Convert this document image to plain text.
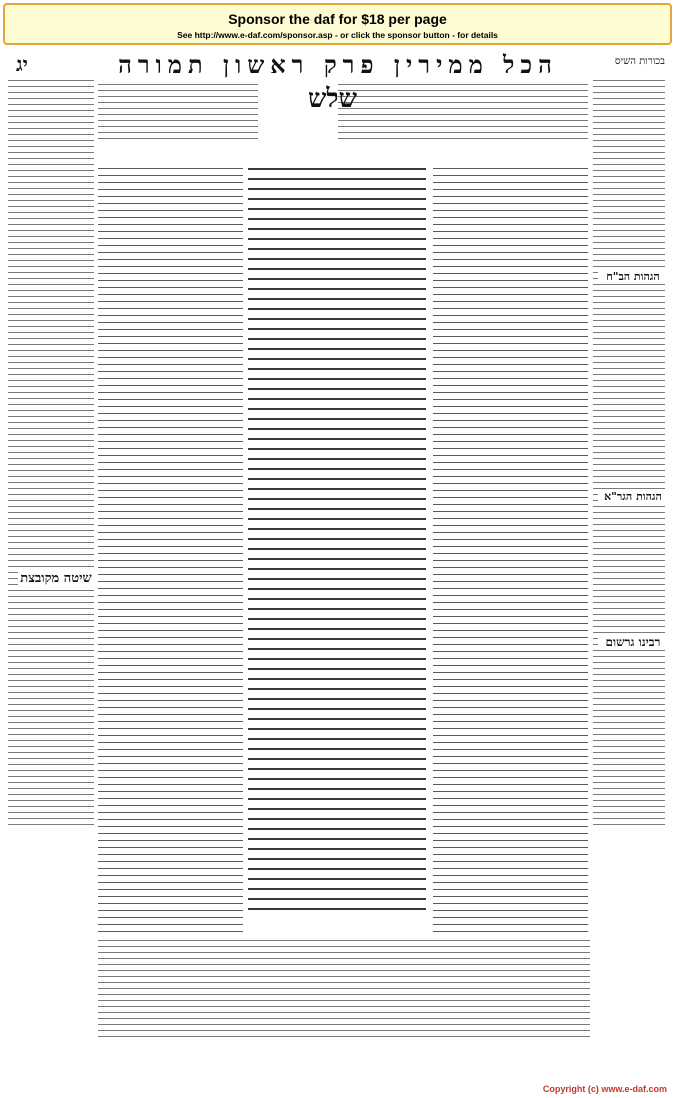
Sponsor the daf for $18 per page
See http://www.e-daf.com/sponsor.asp - or click the sponsor button - for details
הכל ממירין פרק ראשון תמורה
יג	בכורות השיס
שלש
שיטה מקובצת
הגהות הב"ח
הגהות הגר"א
רבינו גרשום
Copyright (c) www.e-daf.com
